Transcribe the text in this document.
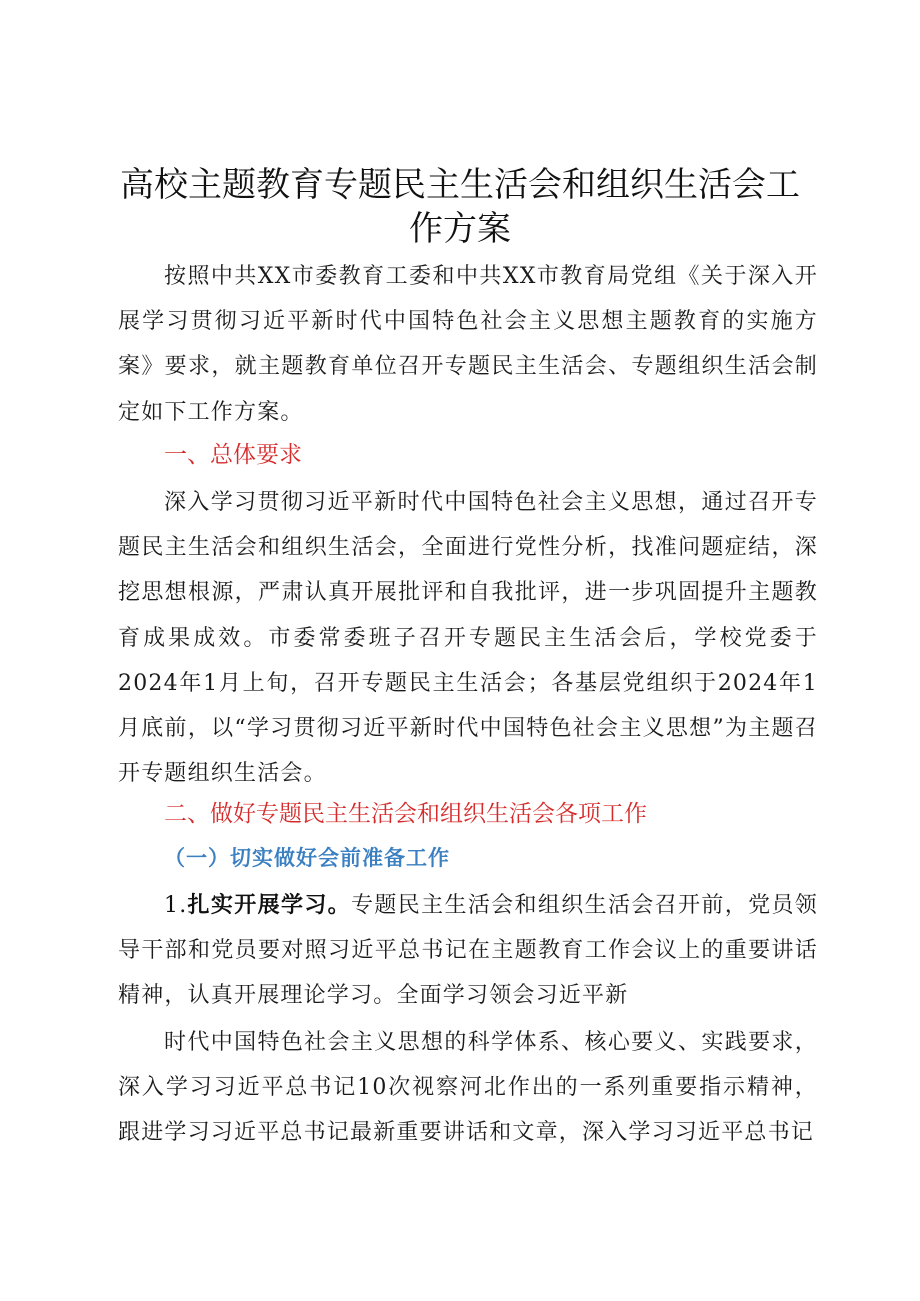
高校主题教育专题民主生活会和组织生活会工
作方案

按照中共XX市委教育工委和中共XX市教育局党组《关于深入开展学习贯彻习近平新时代中国特色社会主义思想主题教育的实施方案》要求，就主题教育单位召开专题民主生活会、专题组织生活会制定如下工作方案。

一、总体要求

深入学习贯彻习近平新时代中国特色社会主义思想，通过召开专题民主生活会和组织生活会，全面进行党性分析，找准问题症结，深挖思想根源，严肃认真开展批评和自我批评，进一步巩固提升主题教育成果成效。市委常委班子召开专题民主生活会后，学校党委于2024年1月上旬，召开专题民主生活会；各基层党组织于2024年1月底前，以“学习贯彻习近平新时代中国特色社会主义思想”为主题召开专题组织生活会。

二、做好专题民主生活会和组织生活会各项工作
（一）切实做好会前准备工作

1.扎实开展学习。专题民主生活会和组织生活会召开前，党员领导干部和党员要对照习近平总书记在主题教育工作会议上的重要讲话精神，认真开展理论学习。全面学习领会习近平新

时代中国特色社会主义思想的科学体系、核心要义、实践要求，深入学习习近平总书记10次视察河北作出的一系列重要指示精神，跟进学习习近平总书记最新重要讲话和文章，深入学习习近平总书记
